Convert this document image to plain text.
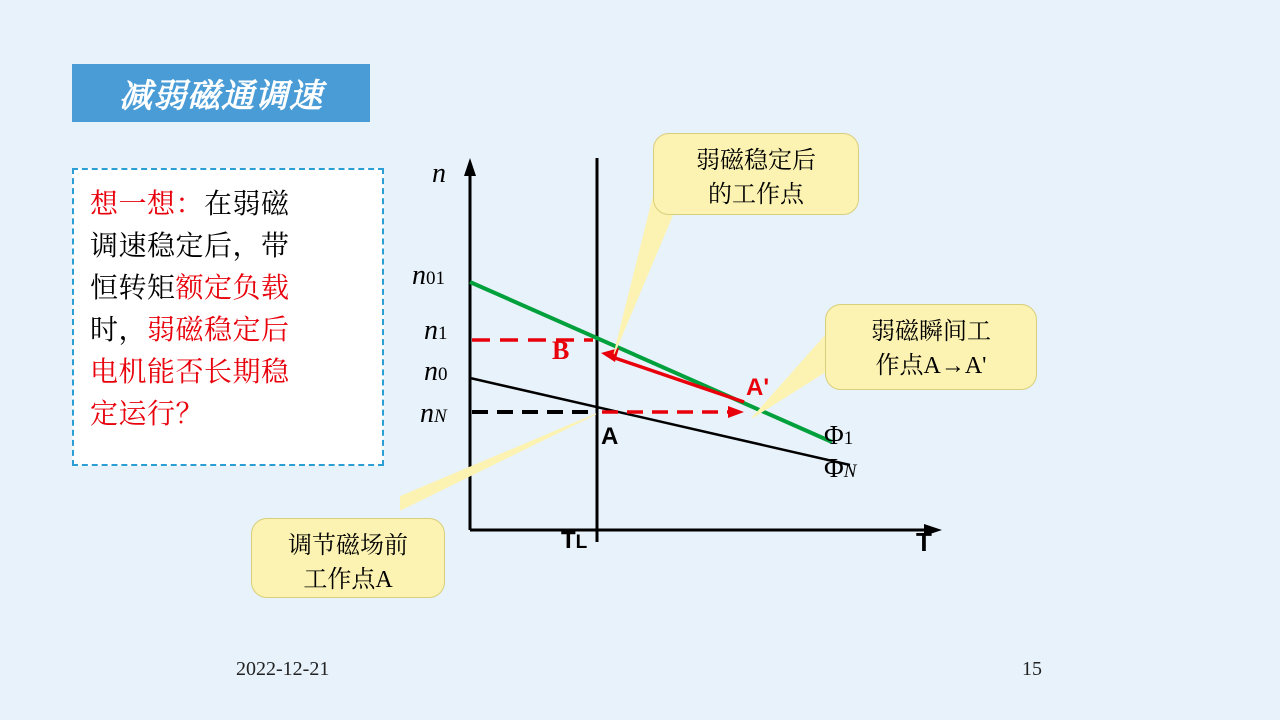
减弱磁通调速
想一想：在弱磁
调速稳定后，带
恒转矩额定负载
时，弱磁稳定后
电机能否长期稳
定运行？
n
n01
n1
n0
nN
B
A
A'
Φ1
ΦN
TL	T
弱磁稳定后
的工作点
弱磁瞬间工
作点A→A'
调节磁场前
工作点A
2022-12-21	15
